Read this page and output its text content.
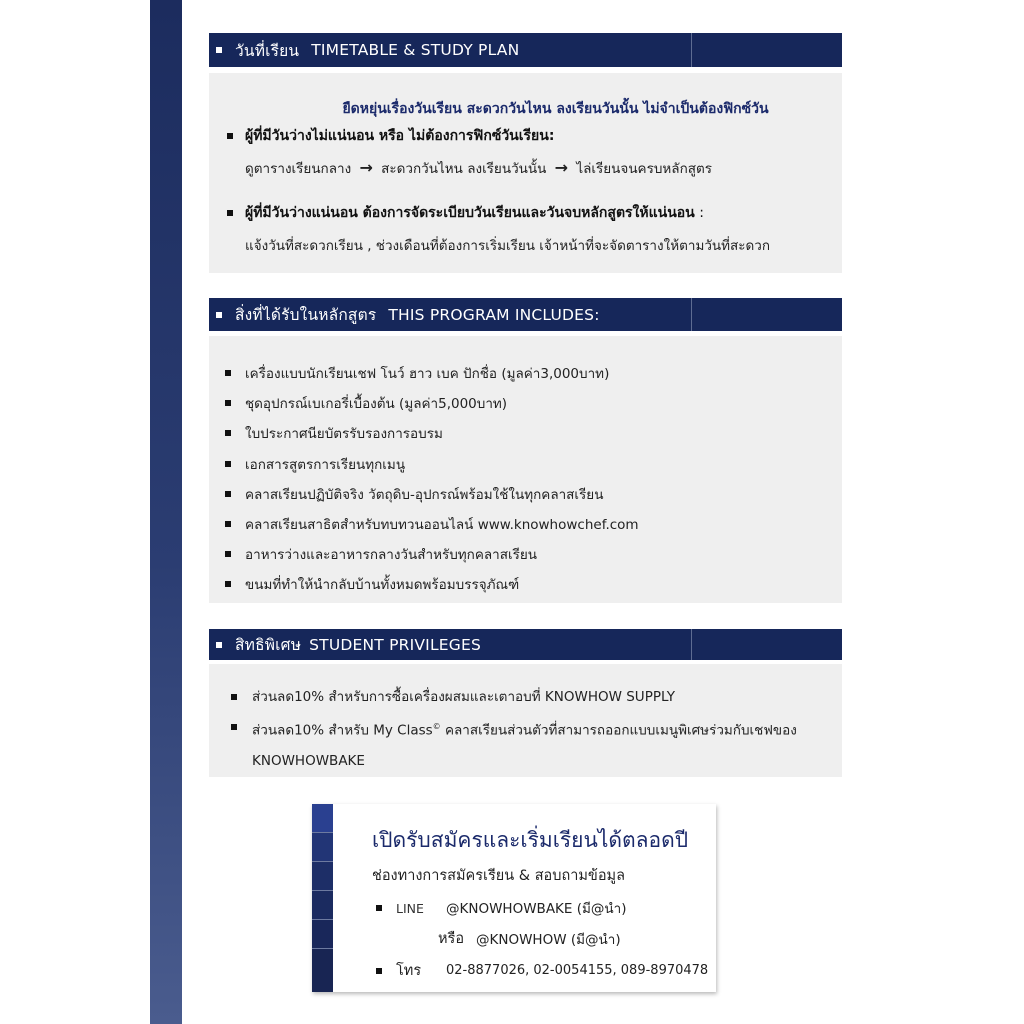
วันที่เรียน TIMETABLE & STUDY PLAN
ยืดหยุ่นเรื่องวันเรียน สะดวกวันไหน ลงเรียนวันนั้น ไม่จำเป็นต้องฟิกซ์วัน
ผู้ที่มีวันว่างไม่แน่นอน หรือ ไม่ต้องการฟิกซ์วันเรียน:
ดูตารางเรียนกลาง → สะดวกวันไหน ลงเรียนวันนั้น → ไล่เรียนจนครบหลักสูตร
ผู้ที่มีวันว่างแน่นอน ต้องการจัดระเบียบวันเรียนและวันจบหลักสูตรให้แน่นอน :
แจ้งวันที่สะดวกเรียน , ช่วงเดือนที่ต้องการเริ่มเรียน เจ้าหน้าที่จะจัดตารางให้ตามวันที่สะดวก
สิ่งที่ได้รับในหลักสูตร THIS PROGRAM INCLUDES:
เครื่องแบบนักเรียนเชฟ โนว์ ฮาว เบค ปักชื่อ (มูลค่า3,000บาท)
ชุดอุปกรณ์เบเกอรี่เบื้องต้น (มูลค่า5,000บาท)
ใบประกาศนียบัตรรับรองการอบรม
เอกสารสูตรการเรียนทุกเมนู
คลาสเรียนปฏิบัติจริง วัตถุดิบ-อุปกรณ์พร้อมใช้ในทุกคลาสเรียน
คลาสเรียนสาธิตสำหรับทบทวนออนไลน์ www.knowhowchef.com
อาหารว่างและอาหารกลางวันสำหรับทุกคลาสเรียน
ขนมที่ทำให้นำกลับบ้านทั้งหมดพร้อมบรรจุภัณฑ์
สิทธิพิเศษ STUDENT PRIVILEGES
ส่วนลด10% สำหรับการซื้อเครื่องผสมและเตาอบที่ KNOWHOW SUPPLY
ส่วนลด10% สำหรับ My Class© คลาสเรียนส่วนตัวที่สามารถออกแบบเมนูพิเศษร่วมกับเชฟของ
KNOWHOWBAKE
เปิดรับสมัครและเริ่มเรียนได้ตลอดปี
ช่องทางการสมัครเรียน & สอบถามข้อมูล
LINE	@KNOWHOWBAKE (มี@นำ)
หรือ @KNOWHOW (มี@นำ)
โทร	02-8877026, 02-0054155, 089-8970478
